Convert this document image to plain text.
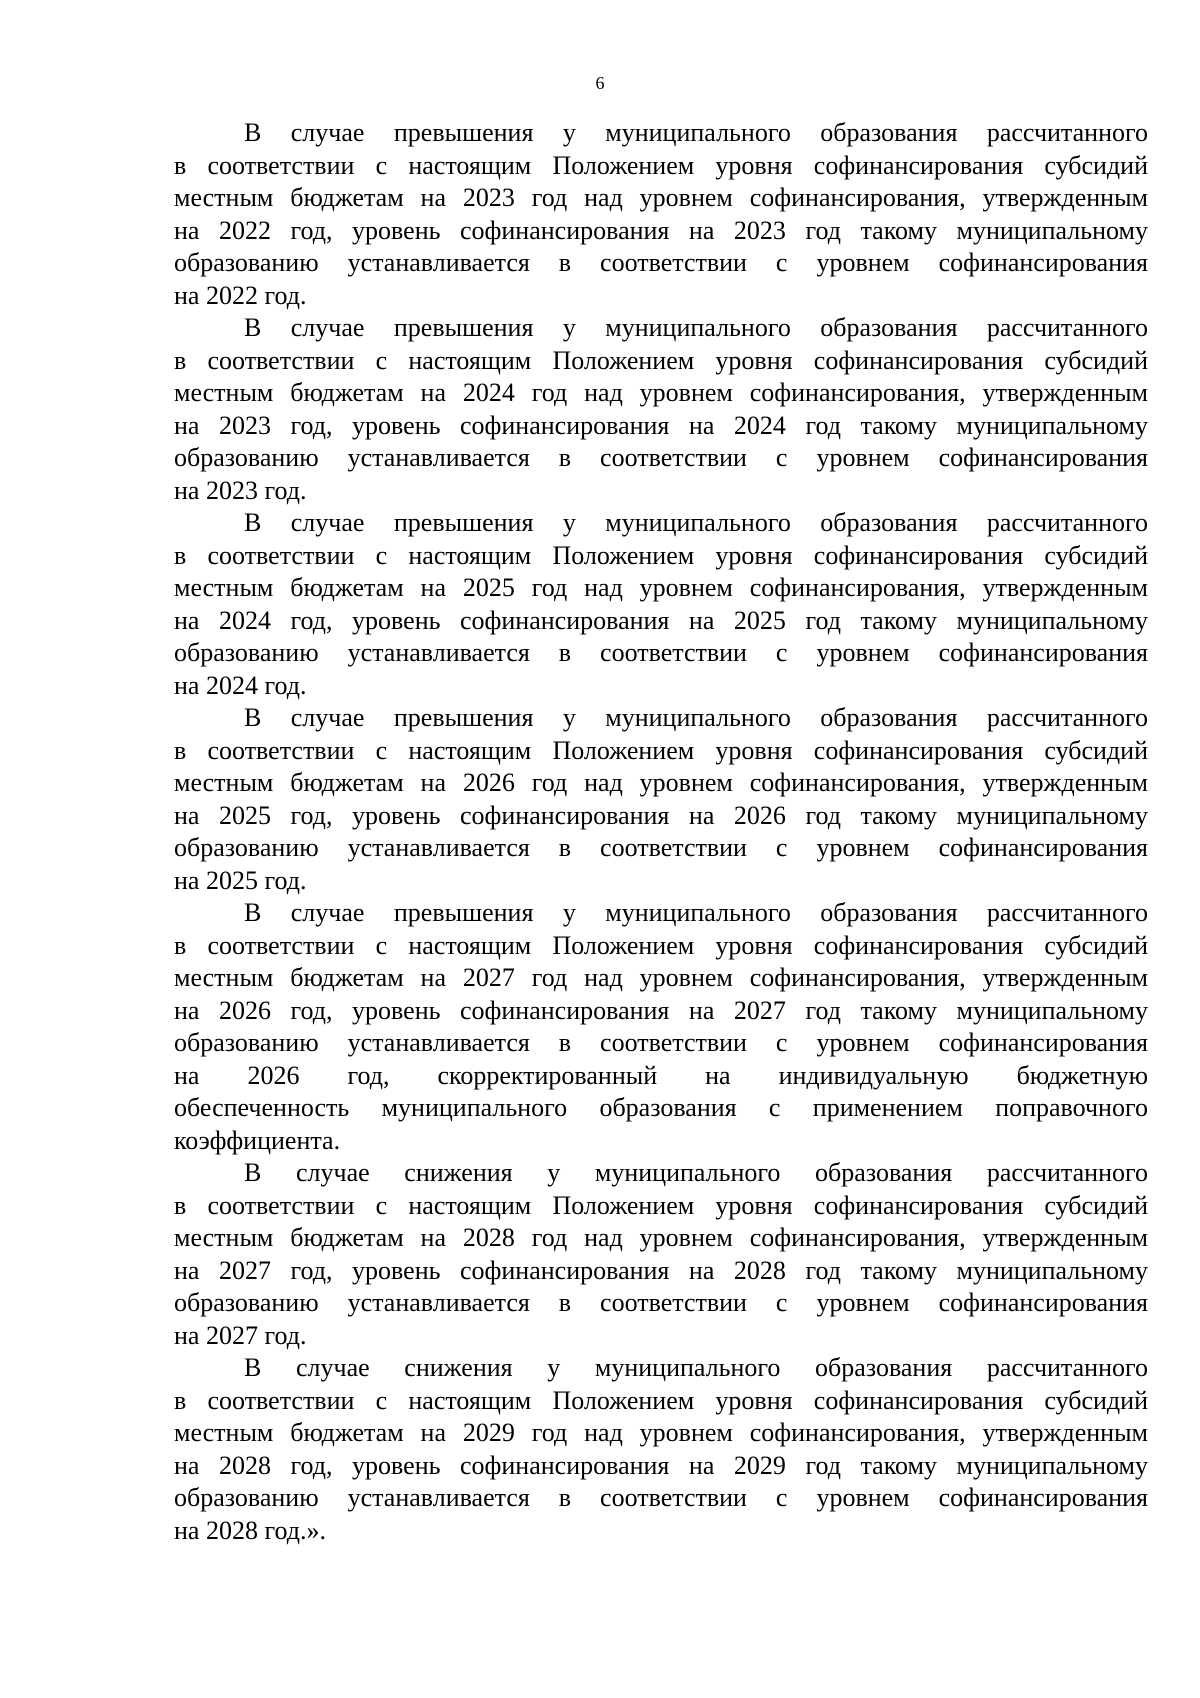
6

В случае превышения у муниципального образования рассчитанного
в соответствии с настоящим Положением уровня софинансирования субсидий
местным бюджетам на 2023 год над уровнем софинансирования, утвержденным
на 2022 год, уровень софинансирования на 2023 год такому муниципальному
образованию устанавливается в соответствии с уровнем софинансирования
на 2022 год.

В случае превышения у муниципального образования рассчитанного
в соответствии с настоящим Положением уровня софинансирования субсидий
местным бюджетам на 2024 год над уровнем софинансирования, утвержденным
на 2023 год, уровень софинансирования на 2024 год такому муниципальному
образованию устанавливается в соответствии с уровнем софинансирования
на 2023 год.

В случае превышения у муниципального образования рассчитанного
в соответствии с настоящим Положением уровня софинансирования субсидий
местным бюджетам на 2025 год над уровнем софинансирования, утвержденным
на 2024 год, уровень софинансирования на 2025 год такому муниципальному
образованию устанавливается в соответствии с уровнем софинансирования
на 2024 год.

В случае превышения у муниципального образования рассчитанного
в соответствии с настоящим Положением уровня софинансирования субсидий
местным бюджетам на 2026 год над уровнем софинансирования, утвержденным
на 2025 год, уровень софинансирования на 2026 год такому муниципальному
образованию устанавливается в соответствии с уровнем софинансирования
на 2025 год.

В случае превышения у муниципального образования рассчитанного
в соответствии с настоящим Положением уровня софинансирования субсидий
местным бюджетам на 2027 год над уровнем софинансирования, утвержденным
на 2026 год, уровень софинансирования на 2027 год такому муниципальному
образованию устанавливается в соответствии с уровнем софинансирования
на 2026 год, скорректированный на индивидуальную бюджетную
обеспеченность муниципального образования с применением поправочного
коэффициента.

В случае снижения у муниципального образования рассчитанного
в соответствии с настоящим Положением уровня софинансирования субсидий
местным бюджетам на 2028 год над уровнем софинансирования, утвержденным
на 2027 год, уровень софинансирования на 2028 год такому муниципальному
образованию устанавливается в соответствии с уровнем софинансирования
на 2027 год.

В случае снижения у муниципального образования рассчитанного
в соответствии с настоящим Положением уровня софинансирования субсидий
местным бюджетам на 2029 год над уровнем софинансирования, утвержденным
на 2028 год, уровень софинансирования на 2029 год такому муниципальному
образованию устанавливается в соответствии с уровнем софинансирования
на 2028 год.».
